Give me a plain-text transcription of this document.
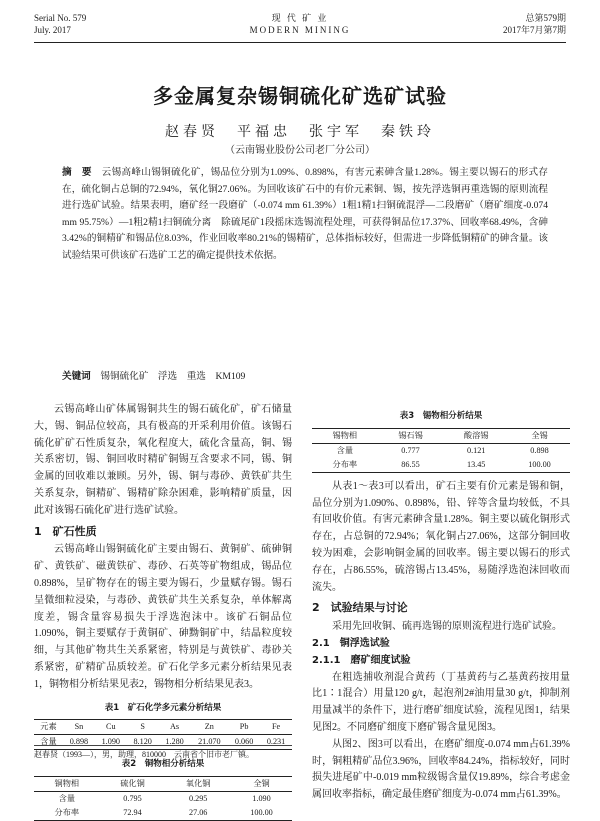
Serial No. 579
July. 2017
现 代 矿 业
MODERN MINING
总第579期
2017年7月第7期
多金属复杂锡铜硫化矿选矿试验
赵春贤　平福忠　张宇军　秦铁玲
（云南锡业股份公司老厂分公司）
摘　要　 云锡高峰山锡铜硫化矿，锡品位分别为1.09%、0.898%，有害元素砷含量1.28%。锡主要以锡石的形式存在，硫化铜占总铜的72.94%，氧化铜27.06%。为回收该矿石中的有价元素铜、锡，按先浮选铜再重选锡的原则流程进行选矿试验。结果表明，磨矿经一段磨矿（-0.074 mm 61.39%）1粗1精1扫铜硫混浮—二段磨矿（磨矿细度-0.074 mm 95.75%）—1粗2精1扫铜硫分离　除硫尾矿1段摇床选锡流程处理，可获得铜品位17.37%、回收率68.49%，含砷3.42%的铜精矿和锡品位8.03%，作业回收率80.21%的锡精矿，总体指标较好，但需进一步降低铜精矿的砷含量。该试验结果可供该矿石选矿工艺的确定提供技术依据。
关键词　 锡铜硫化矿　浮选　重选　KM109

云锡高峰山矿体属锡铜共生的锡石硫化矿，矿石储量大，锡、铜品位较高，具有极高的开采利用价值。该锡石硫化矿矿石性质复杂，氧化程度大，硫化含量高，铜、锡关系密切，锡、铜回收时精矿铜锡互含要求不同，锡、铜金属的回收难以兼顾。另外，锡、铜与毒砂、黄铁矿共生关系复杂，铜精矿、锡精矿除杂困难，影响精矿质量，因此对该锡石硫化矿进行选矿试验。

1　矿石性质

云锡高峰山锡铜硫化矿主要由锡石、黄铜矿、硫砷铜矿、黄铁矿、磁黄铁矿、毒砂、石英等矿物组成，锡品位0.898%，呈矿物存在的锡主要为锡石，少量赋存锡。锡石呈微细粒浸染，与毒砂、黄铁矿共生关系复杂，单体解离度差，锡含量容易损失于浮选泡沫中。该矿石铜品位1.090%，铜主要赋存于黄铜矿、砷黝铜矿中，结晶粒度较细，与其他矿物共生关系紧密，特别是与黄铁矿、毒砂关系紧密，矿精矿品质较差。矿石化学多元素分析结果见表1，铜物相分析结果见表2，锡物相分析结果见表3。

表1　矿石化学多元素分析结果
元素	Sn	Cu	S	As	Zn	Pb	Fe
含量	0.898	1.090	8.120	1.280	21.070	0.060	0.231
表2　铜物相分析结果
铜物相	硫化铜	氧化铜	全铜
含量	0.795	0.295	1.090
分布率	72.94	27.06	100.00
表3　锡物相分析结果
锡物相	锡石锡	酸溶锡	全锡
含量	0.777	0.121	0.898
分布率	86.55	13.45	100.00

从表1～表3可以看出，矿石主要有价元素是锡和铜，品位分别为1.090%、0.898%，铅、锌等含量均较低，不具有回收价值。有害元素砷含量1.28%。铜主要以硫化铜形式存在，占总铜的72.94%；氧化铜占27.06%，这部分铜回收较为困难，会影响铜金属的回收率。锡主要以锡石的形式存在，占86.55%，硫溶锡占13.45%，易随浮选泡沫回收而流失。

2　试验结果与讨论

采用先回收铜、硫再选锡的原则流程进行选矿试验。

2.1　铜浮选试验
2.1.1　磨矿细度试验

在粗选捕收剂混合黄药（丁基黄药与乙基黄药按用量比1∶1混合）用量120 g/t，起泡剂2#油用量30 g/t，抑制剂用量减半的条件下，进行磨矿细度试验，流程见图1，结果见图2。不同磨矿细度下磨矿锡含量见图3。

从图2、图3可以看出，在磨矿细度-0.074 mm占61.39%时，铜粗精矿品位3.96%，回收率84.24%，指标较好，同时损失进尾矿中-0.019 mm粒级锡含量仅19.89%，综合考虑金属回收率指标，确定最佳磨矿细度为-0.074 mm占61.39%。

赵春贤（1993—），男，助理，810000　云南省个旧市老厂镇。
